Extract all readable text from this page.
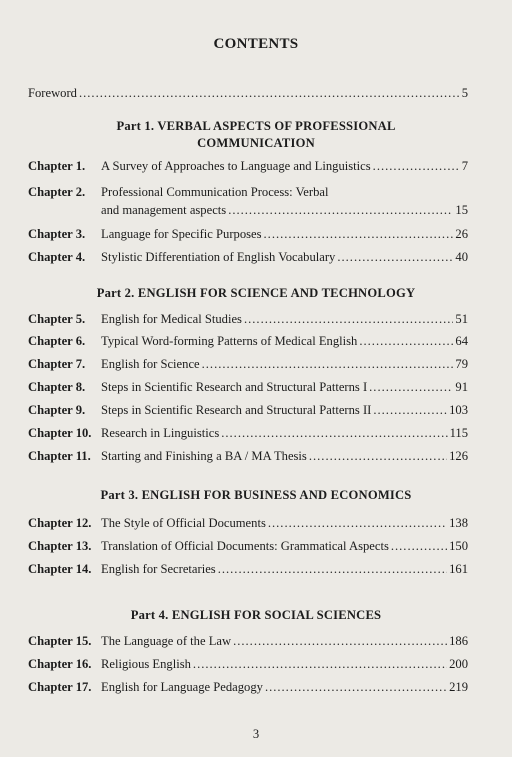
CONTENTS
Foreword .....	5
Part 1. VERBAL ASPECTS OF PROFESSIONAL
COMMUNICATION
Chapter 1.	A Survey of Approaches to Language and Linguistics .....	7
Chapter 2.	Professional Communication Process: Verbal
and management aspects .....	15
Chapter 3.	Language for Specific Purposes .....	26
Chapter 4.	Stylistic Differentiation of English Vocabulary .....	40
Part 2. ENGLISH FOR SCIENCE AND TECHNOLOGY
Chapter 5.	English for Medical Studies .....	51
Chapter 6.	Typical Word-forming Patterns of Medical English .....	64
Chapter 7.	English for Science .....	79
Chapter 8.	Steps in Scientific Research and Structural Patterns I .....	91
Chapter 9.	Steps in Scientific Research and Structural Patterns II .....	103
Chapter 10. Research in Linguistics .....	115
Chapter 11. Starting and Finishing a BA / MA Thesis .....	126
Part 3. ENGLISH FOR BUSINESS AND ECONOMICS
Chapter 12. The Style of Official Documents .....	138
Chapter 13. Translation of Official Documents: Grammatical Aspects .....	150
Chapter 14. English for Secretaries .....	161
Part 4. ENGLISH FOR SOCIAL SCIENCES
Chapter 15. The Language of the Law .....	186
Chapter 16. Religious English .....	200
Chapter 17. English for Language Pedagogy .....	219
3
